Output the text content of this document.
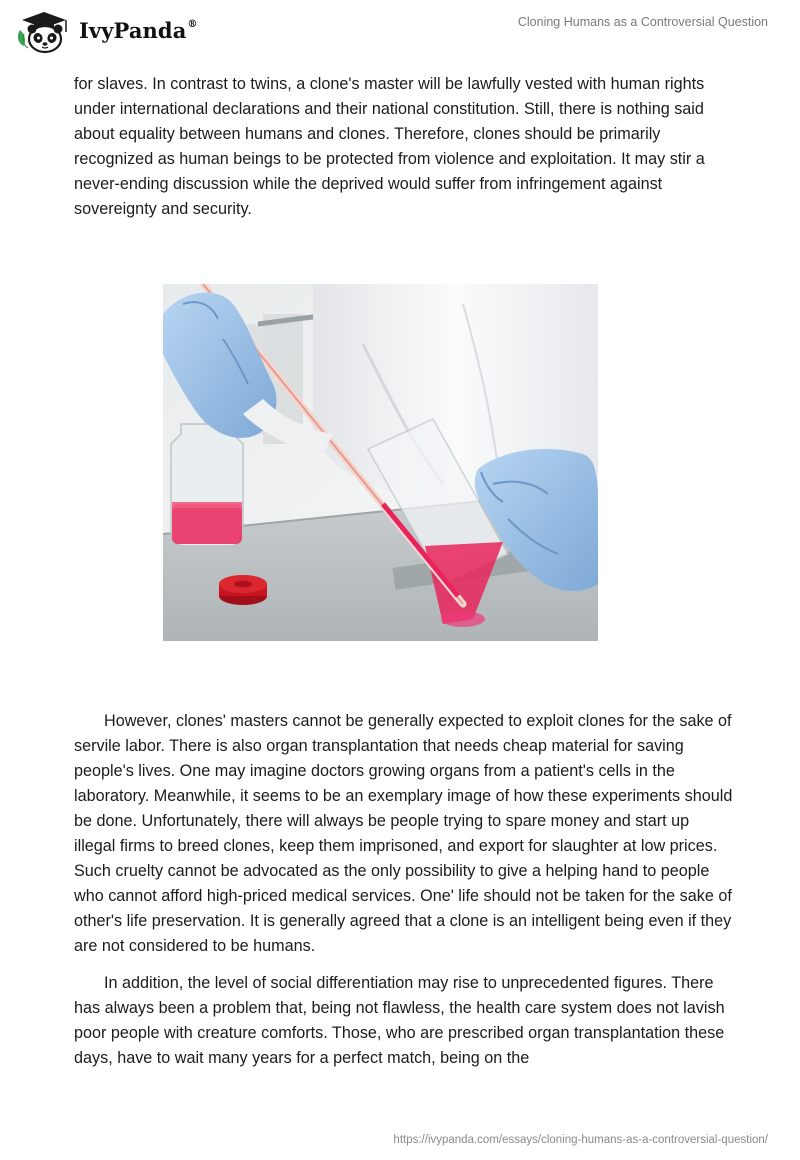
IvyPanda®	Cloning Humans as a Controversial Question

for slaves. In contrast to twins, a clone's master will be lawfully vested with human rights under international declarations and their national constitution. Still, there is nothing said about equality between humans and clones. Therefore, clones should be primarily recognized as human beings to be protected from violence and exploitation. It may stir a never-ending discussion while the deprived would suffer from infringement against sovereignty and security.

However, clones' masters cannot be generally expected to exploit clones for the sake of servile labor. There is also organ transplantation that needs cheap material for saving people's lives. One may imagine doctors growing organs from a patient's cells in the laboratory. Meanwhile, it seems to be an exemplary image of how these experiments should be done. Unfortunately, there will always be people trying to spare money and start up illegal firms to breed clones, keep them imprisoned, and export for slaughter at low prices. Such cruelty cannot be advocated as the only possibility to give a helping hand to people who cannot afford high-priced medical services. One' life should not be taken for the sake of other's life preservation. It is generally agreed that a clone is an intelligent being even if they are not considered to be humans.

In addition, the level of social differentiation may rise to unprecedented figures. There has always been a problem that, being not flawless, the health care system does not lavish poor people with creature comforts. Those, who are prescribed organ transplantation these days, have to wait many years for a perfect match, being on the

https://ivypanda.com/essays/cloning-humans-as-a-controversial-question/
